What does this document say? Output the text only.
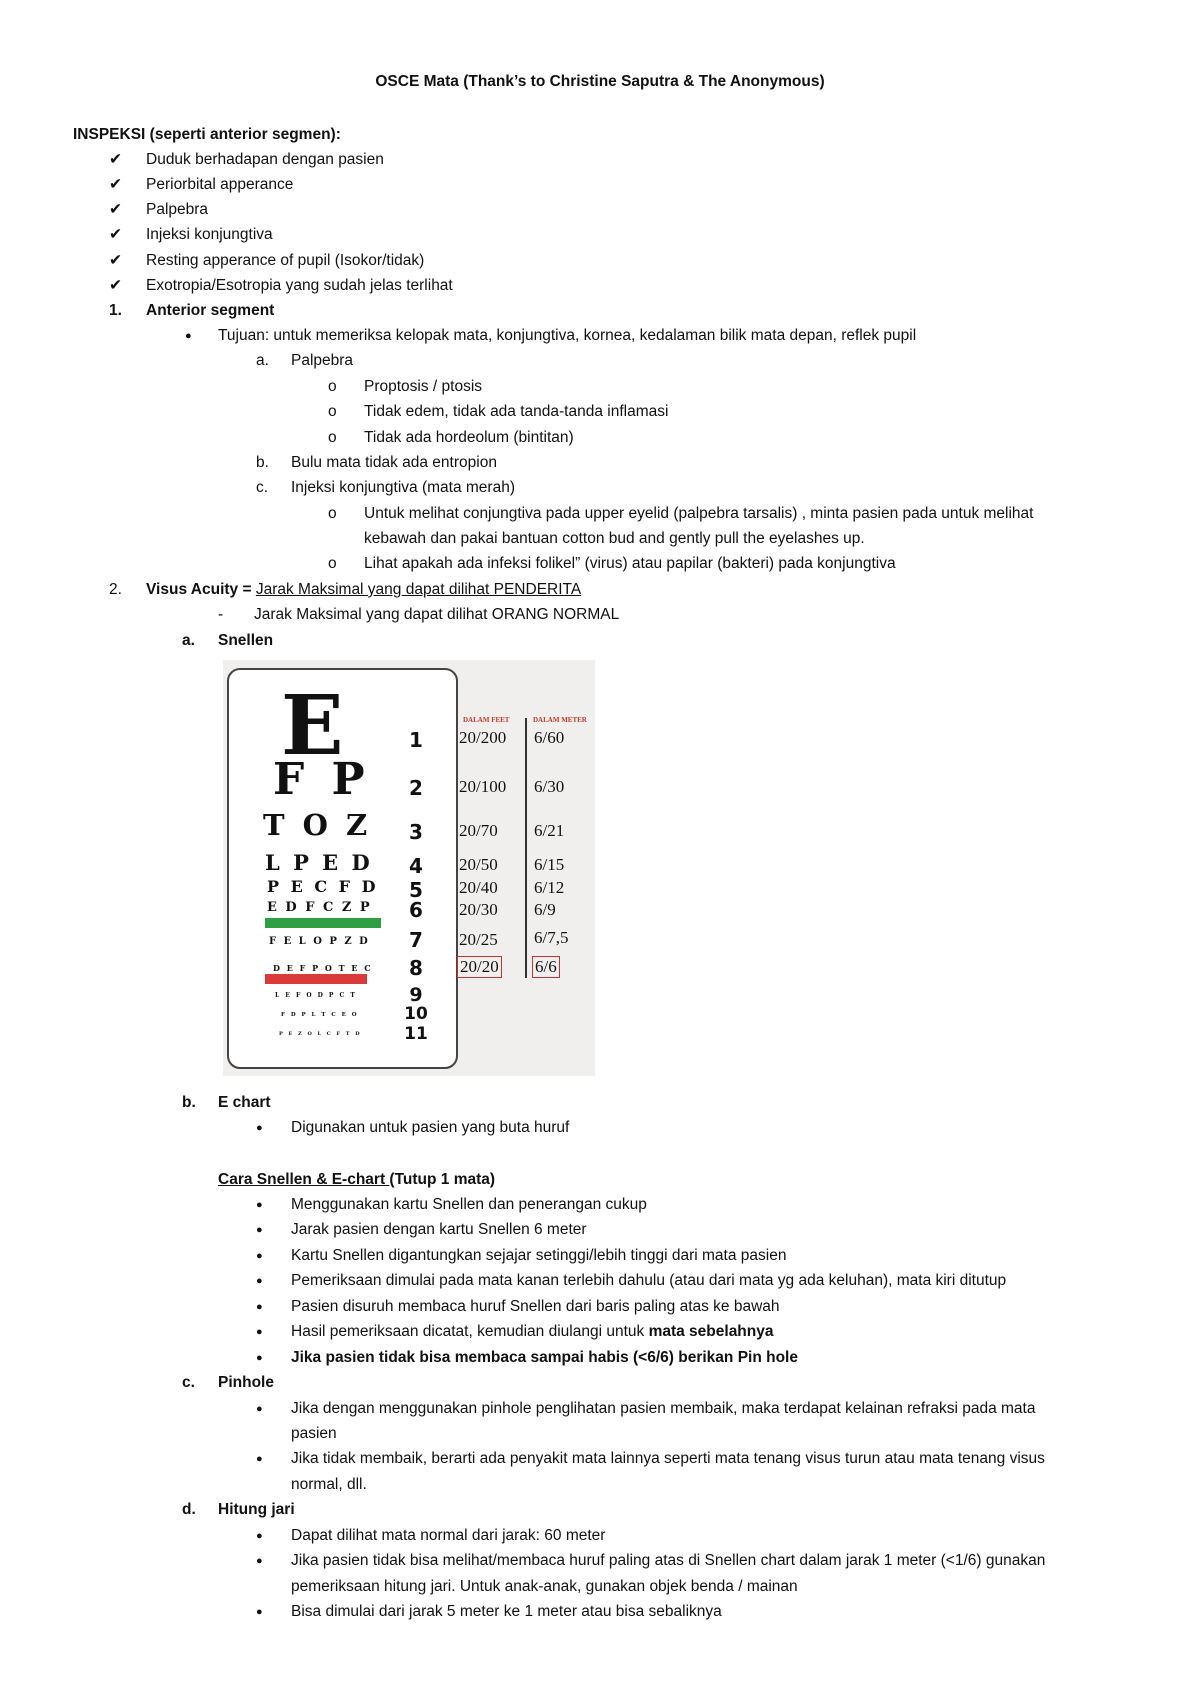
OSCE Mata (Thank’s to Christine Saputra & The Anonymous)
INSPEKSI (seperti anterior segmen):
✔ Duduk berhadapan dengan pasien
✔ Periorbital apperance
✔ Palpebra
✔ Injeksi konjungtiva
✔ Resting apperance of pupil (Isokor/tidak)
✔ Exotropia/Esotropia yang sudah jelas terlihat
1. Anterior segment
● Tujuan: untuk memeriksa kelopak mata, konjungtiva, kornea, kedalaman bilik mata depan, reflek pupil
a. Palpebra
o Proptosis / ptosis
o Tidak edem, tidak ada tanda-tanda inflamasi
o Tidak ada hordeolum (bintitan)
b. Bulu mata tidak ada entropion
c. Injeksi konjungtiva (mata merah)
o Untuk melihat conjungtiva pada upper eyelid (palpebra tarsalis) , minta pasien pada untuk melihat
kebawah dan pakai bantuan cotton bud and gently pull the eyelashes up.
o Lihat apakah ada infeksi folikel” (virus) atau papilar (bakteri) pada konjungtiva
2. Visus Acuity = Jarak Maksimal yang dapat dilihat PENDERITA
- Jarak Maksimal yang dapat dilihat ORANG NORMAL
a. Snellen
E
F P
T O Z
L P E D
P E C F D
E D F C Z P
F E L O P Z D
D E F P O T E C
L E F O D P C T
F D P L T C E O
P E Z O L C F T D
1
2
3
4
5
6
7
8
9
10
11
DALAM FEET	DALAM METER
20/200
20/100
20/70
20/50
20/40
20/30
20/25
20/20
6/60
6/30
6/21
6/15
6/12
6/9
6/7,5
6/6
b. E chart
● Digunakan untuk pasien yang buta huruf
Cara Snellen & E-chart (Tutup 1 mata)
● Menggunakan kartu Snellen dan penerangan cukup
● Jarak pasien dengan kartu Snellen 6 meter
● Kartu Snellen digantungkan sejajar setinggi/lebih tinggi dari mata pasien
● Pemeriksaan dimulai pada mata kanan terlebih dahulu (atau dari mata yg ada keluhan), mata kiri ditutup
● Pasien disuruh membaca huruf Snellen dari baris paling atas ke bawah
● Hasil pemeriksaan dicatat, kemudian diulangi untuk mata sebelahnya
● Jika pasien tidak bisa membaca sampai habis (<6/6) berikan Pin hole
c. Pinhole
● Jika dengan menggunakan pinhole penglihatan pasien membaik, maka terdapat kelainan refraksi pada mata
pasien
● Jika tidak membaik, berarti ada penyakit mata lainnya seperti mata tenang visus turun atau mata tenang visus
normal, dll.
d. Hitung jari
● Dapat dilihat mata normal dari jarak: 60 meter
● Jika pasien tidak bisa melihat/membaca huruf paling atas di Snellen chart dalam jarak 1 meter (<1/6) gunakan
pemeriksaan hitung jari. Untuk anak-anak, gunakan objek benda / mainan
● Bisa dimulai dari jarak 5 meter ke 1 meter atau bisa sebaliknya
